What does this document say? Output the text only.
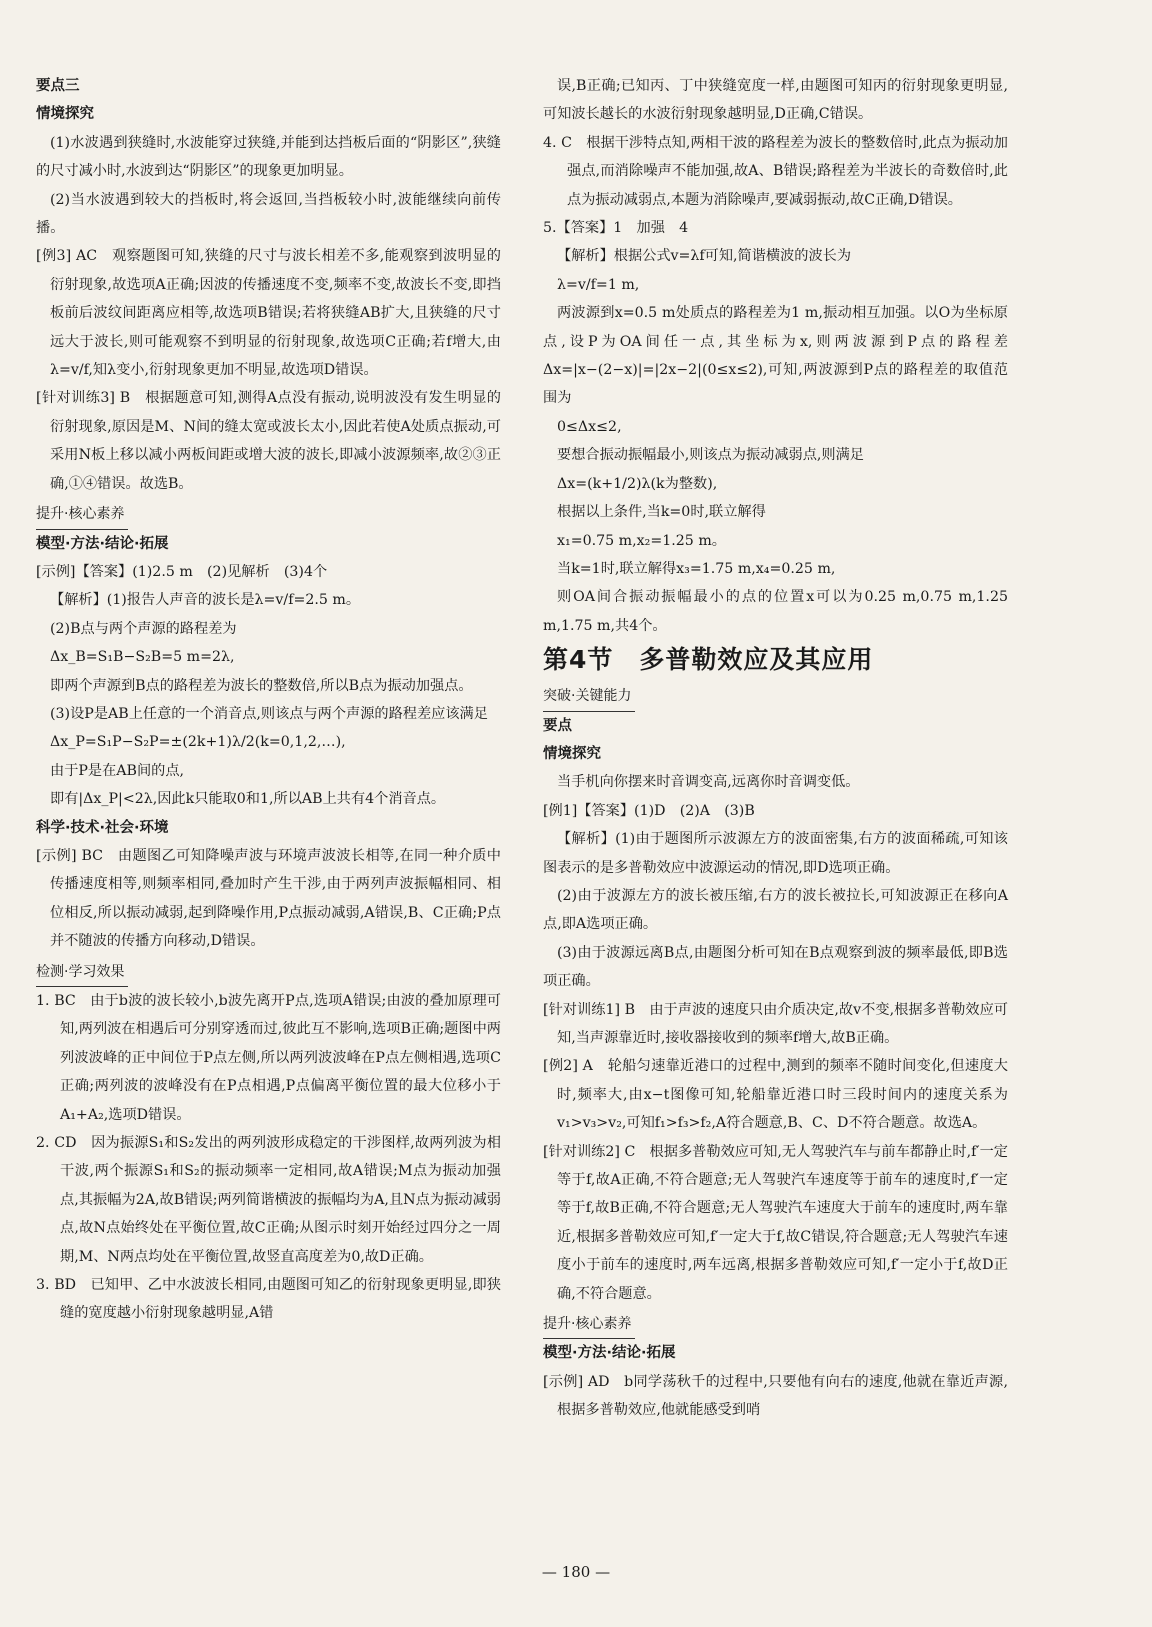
要点三

情境探究

(1)水波遇到狭缝时,水波能穿过狭缝,并能到达挡板后面的“阴影区”,狭缝的尺寸减小时,水波到达“阴影区”的现象更加明显。

(2)当水波遇到较大的挡板时,将会返回,当挡板较小时,波能继续向前传播。

[例3] AC　观察题图可知,狭缝的尺寸与波长相差不多,能观察到波明显的衍射现象,故选项A正确;因波的传播速度不变,频率不变,故波长不变,即挡板前后波纹间距离应相等,故选项B错误;若将狭缝AB扩大,且狭缝的尺寸远大于波长,则可能观察不到明显的衍射现象,故选项C正确;若f增大,由λ=v/f,知λ变小,衍射现象更加不明显,故选项D错误。

[针对训练3] B　根据题意可知,测得A点没有振动,说明波没有发生明显的衍射现象,原因是M、N间的缝太宽或波长太小,因此若使A处质点振动,可采用N板上移以减小两板间距或增大波的波长,即减小波源频率,故②③正确,①④错误。故选B。

提升·核心素养

模型·方法·结论·拓展

[示例]【答案】(1)2.5 m　(2)见解析　(3)4个

【解析】(1)报告人声音的波长是λ=v/f=2.5 m。

(2)B点与两个声源的路程差为

Δx_B=S₁B−S₂B=5 m=2λ,

即两个声源到B点的路程差为波长的整数倍,所以B点为振动加强点。

(3)设P是AB上任意的一个消音点,则该点与两个声源的路程差应该满足

Δx_P=S₁P−S₂P=±(2k+1)λ/2(k=0,1,2,…),

由于P是在AB间的点,

即有|Δx_P|<2λ,因此k只能取0和1,所以AB上共有4个消音点。

科学·技术·社会·环境

[示例] BC　由题图乙可知降噪声波与环境声波波长相等,在同一种介质中传播速度相等,则频率相同,叠加时产生干涉,由于两列声波振幅相同、相位相反,所以振动减弱,起到降噪作用,P点振动减弱,A错误,B、C正确;P点并不随波的传播方向移动,D错误。

检测·学习效果

1. BC　由于b波的波长较小,b波先离开P点,选项A错误;由波的叠加原理可知,两列波在相遇后可分别穿透而过,彼此互不影响,选项B正确;题图中两列波波峰的正中间位于P点左侧,所以两列波波峰在P点左侧相遇,选项C正确;两列波的波峰没有在P点相遇,P点偏离平衡位置的最大位移小于A₁+A₂,选项D错误。

2. CD　因为振源S₁和S₂发出的两列波形成稳定的干涉图样,故两列波为相干波,两个振源S₁和S₂的振动频率一定相同,故A错误;M点为振动加强点,其振幅为2A,故B错误;两列简谐横波的振幅均为A,且N点为振动减弱点,故N点始终处在平衡位置,故C正确;从图示时刻开始经过四分之一周期,M、N两点均处在平衡位置,故竖直高度差为0,故D正确。

3. BD　已知甲、乙中水波波长相同,由题图可知乙的衍射现象更明显,即狭缝的宽度越小衍射现象越明显,A错

误,B正确;已知丙、丁中狭缝宽度一样,由题图可知丙的衍射现象更明显,可知波长越长的水波衍射现象越明显,D正确,C错误。

4. C　根据干涉特点知,两相干波的路程差为波长的整数倍时,此点为振动加强点,而消除噪声不能加强,故A、B错误;路程差为半波长的奇数倍时,此点为振动减弱点,本题为消除噪声,要减弱振动,故C正确,D错误。

5.【答案】1　加强　4

【解析】根据公式v=λf可知,简谐横波的波长为

λ=v/f=1 m,

两波源到x=0.5 m处质点的路程差为1 m,振动相互加强。以O为坐标原点,设P为OA间任一点,其坐标为x,则两波源到P点的路程差Δx=|x−(2−x)|=|2x−2|(0≤x≤2),可知,两波源到P点的路程差的取值范围为

0≤Δx≤2,

要想合振动振幅最小,则该点为振动减弱点,则满足

Δx=(k+1/2)λ(k为整数),

根据以上条件,当k=0时,联立解得

x₁=0.75 m,x₂=1.25 m。

当k=1时,联立解得x₃=1.75 m,x₄=0.25 m,

则OA间合振动振幅最小的点的位置x可以为0.25 m,0.75 m,1.25 m,1.75 m,共4个。

第4节　多普勒效应及其应用

突破·关键能力

要点

情境探究

当手机向你摆来时音调变高,远离你时音调变低。

[例1]【答案】(1)D　(2)A　(3)B

【解析】(1)由于题图所示波源左方的波面密集,右方的波面稀疏,可知该图表示的是多普勒效应中波源运动的情况,即D选项正确。

(2)由于波源左方的波长被压缩,右方的波长被拉长,可知波源正在移向A点,即A选项正确。

(3)由于波源远离B点,由题图分析可知在B点观察到波的频率最低,即B选项正确。

[针对训练1] B　由于声波的速度只由介质决定,故v不变,根据多普勒效应可知,当声源靠近时,接收器接收到的频率f增大,故B正确。

[例2] A　轮船匀速靠近港口的过程中,测到的频率不随时间变化,但速度大时,频率大,由x−t图像可知,轮船靠近港口时三段时间内的速度关系为v₁>v₃>v₂,可知f₁>f₃>f₂,A符合题意,B、C、D不符合题意。故选A。

[针对训练2] C　根据多普勒效应可知,无人驾驶汽车与前车都静止时,f′一定等于f,故A正确,不符合题意;无人驾驶汽车速度等于前车的速度时,f′一定等于f,故B正确,不符合题意;无人驾驶汽车速度大于前车的速度时,两车靠近,根据多普勒效应可知,f′一定大于f,故C错误,符合题意;无人驾驶汽车速度小于前车的速度时,两车远离,根据多普勒效应可知,f′一定小于f,故D正确,不符合题意。

提升·核心素养

模型·方法·结论·拓展

[示例] AD　b同学荡秋千的过程中,只要他有向右的速度,他就在靠近声源,根据多普勒效应,他就能感受到哨

— 180 —
